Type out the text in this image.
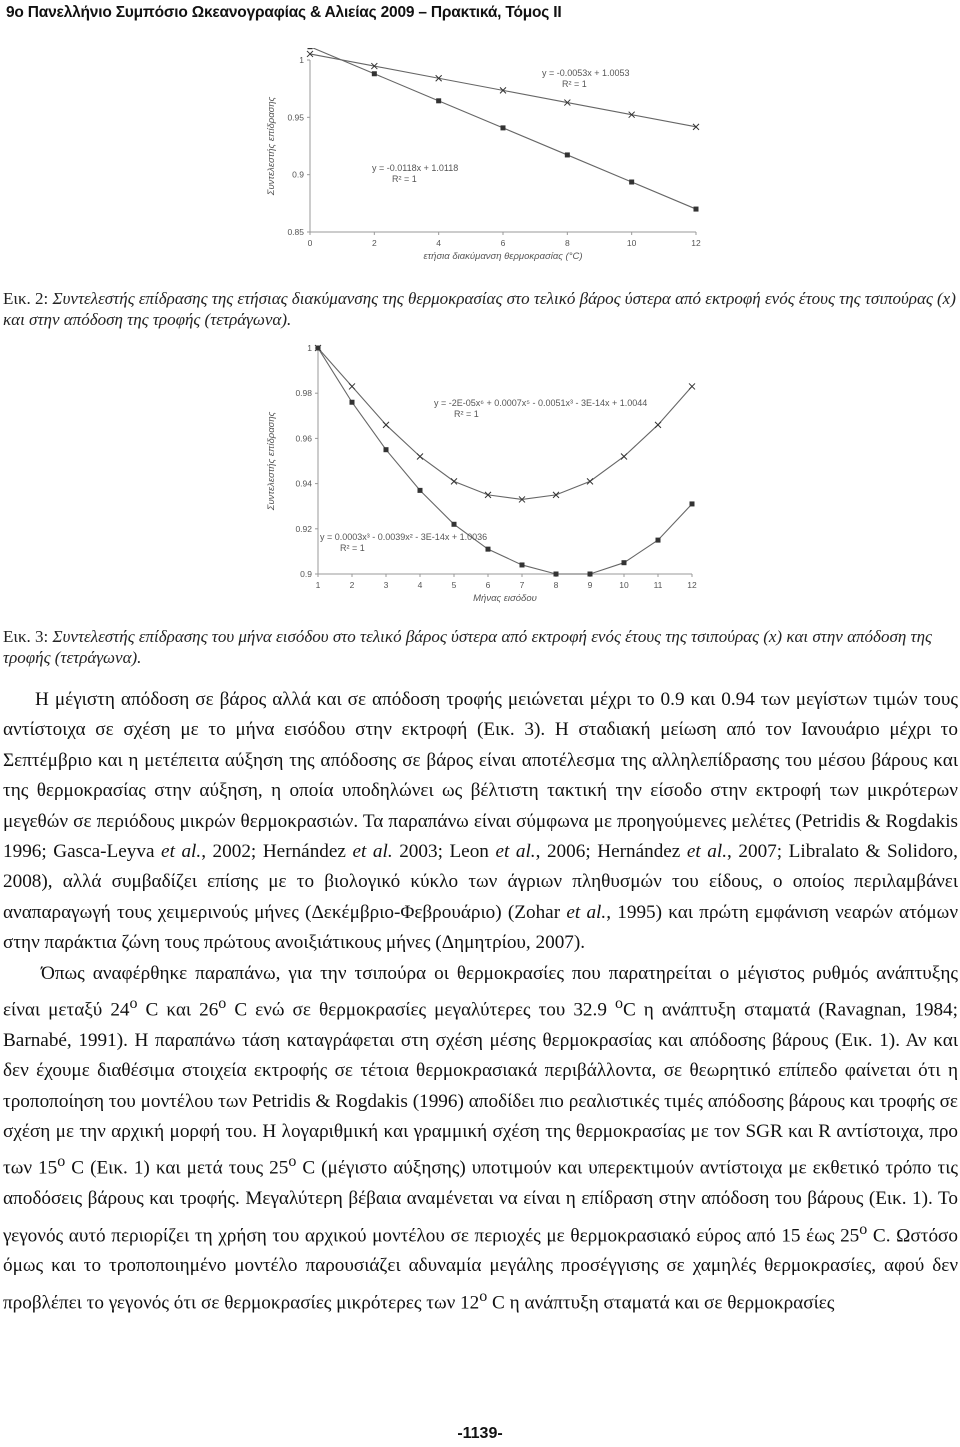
9ο Πανελλήνιο Συμπόσιο Ωκεανογραφίας & Αλιείας 2009 – Πρακτικά, Τόμος ΙΙ
0	2	4	6	8	10	12
1
0.95
0.9
0.85
ετήσια διακύμανση θερμοκρασίας (°C)
Συντελεστής επίδρασης
y = -0.0053x + 1.0053
R² = 1
y = -0.0118x + 1.0118
R² = 1
Εικ. 2: Συντελεστής επίδρασης της ετήσιας διακύμανσης της θερμοκρασίας στο τελικό βάρος ύστερα από εκτροφή ενός έτους της τσιπούρας (x) και στην απόδοση της τροφής (τετράγωνα).
1	2	3	4	5	6	7	8	9	10	11	12
1
0.98
0.96
0.94
0.92
0.9
Μήνας εισόδου
Συντελεστής επίδρασης
y = -2E-05x⁶ + 0.0007x⁵ - 0.0051x³ - 3E-14x + 1.0044
R² = 1
y = 0.0003x³ - 0.0039x² - 3E-14x + 1.0036
R² = 1
Εικ. 3: Συντελεστής επίδρασης του μήνα εισόδου στο τελικό βάρος ύστερα από εκτροφή ενός έτους της τσιπούρας (x) και στην απόδοση της τροφής (τετράγωνα).

Η μέγιστη απόδοση σε βάρος αλλά και σε απόδοση τροφής μειώνεται μέχρι το 0.9 και 0.94 των μεγίστων τιμών τους αντίστοιχα σε σχέση με το μήνα εισόδου στην εκτροφή (Εικ. 3). Η σταδιακή μείωση από τον Ιανουάριο μέχρι το Σεπτέμβριο και η μετέπειτα αύξηση της απόδοσης σε βάρος είναι αποτέλεσμα της αλληλεπίδρασης του μέσου βάρους και της θερμοκρασίας στην αύξηση, η οποία υποδηλώνει ως βέλτιστη τακτική την είσοδο στην εκτροφή των μικρότερων μεγεθών σε περιόδους μικρών θερμοκρασιών. Τα παραπάνω είναι σύμφωνα με προηγούμενες μελέτες (Petridis & Rogdakis 1996; Gasca-Leyva et al., 2002; Hernández et al. 2003; Leon et al., 2006; Hernández et al., 2007; Libralato & Solidoro, 2008), αλλά συμβαδίζει επίσης με το βιολογικό κύκλο των άγριων πληθυσμών του είδους, ο οποίος περιλαμβάνει αναπαραγωγή τους χειμερινούς μήνες (Δεκέμβριο-Φεβρουάριο) (Zohar et al., 1995) και πρώτη εμφάνιση νεαρών ατόμων στην παράκτια ζώνη τους πρώτους ανοιξιάτικους μήνες (Δημητρίου, 2007).

Όπως αναφέρθηκε παραπάνω, για την τσιπούρα οι θερμοκρασίες που παρατηρείται ο μέγιστος ρυθμός ανάπτυξης είναι μεταξύ 24$^o$ C και 26$^o$ C ενώ σε θερμοκρασίες μεγαλύτερες του 32.9 $^o$C η ανάπτυξη σταματά (Ravagnan, 1984; Barnabé, 1991). Η παραπάνω τάση καταγράφεται στη σχέση μέσης θερμοκρασίας και απόδοσης βάρους (Εικ. 1). Αν και δεν έχουμε διαθέσιμα στοιχεία εκτροφής σε τέτοια θερμοκρασιακά περιβάλλοντα, σε θεωρητικό επίπεδο φαίνεται ότι η τροποποίηση του μοντέλου των Petridis & Rogdakis (1996) αποδίδει πιο ρεαλιστικές τιμές απόδοσης βάρους και τροφής σε σχέση με την αρχική μορφή του. Η λογαριθμική και γραμμική σχέση της θερμοκρασίας με τον SGR και R αντίστοιχα, προ των 15$^o$ C (Εικ. 1) και μετά τους 25$^o$ C (μέγιστο αύξησης) υποτιμούν και υπερεκτιμούν αντίστοιχα με εκθετικό τρόπο τις αποδόσεις βάρους και τροφής. Μεγαλύτερη βέβαια αναμένεται να είναι η επίδραση στην απόδοση του βάρους (Εικ. 1). Το γεγονός αυτό περιορίζει τη χρήση του αρχικού μοντέλου σε περιοχές με θερμοκρασιακό εύρος από 15 έως 25$^o$ C. Ωστόσο όμως και το τροποποιημένο μοντέλο παρουσιάζει αδυναμία μεγάλης προσέγγισης σε χαμηλές θερμοκρασίες, αφού δεν προβλέπει το γεγονός ότι σε θερμοκρασίες μικρότερες των 12$^o$ C η ανάπτυξη σταματά και σε θερμοκρασίες

-1139-
